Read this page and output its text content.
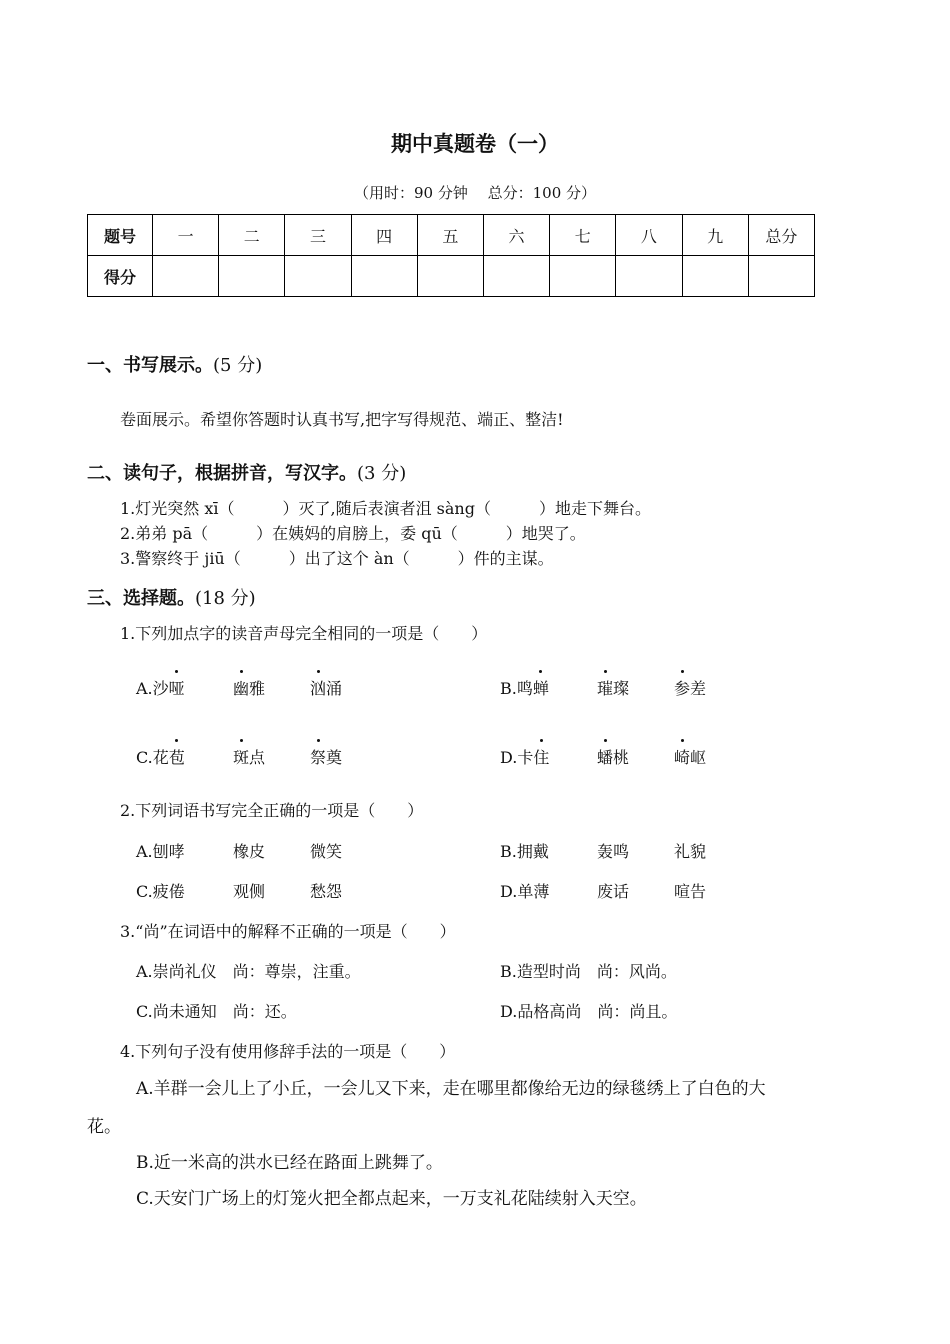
期中真题卷（一）
（用时：90 分钟　 总分：100 分）
题号	一	二	三	四	五	六	七	八	九	总分
得分										
一、书写展示。(5 分)
卷面展示。希望你答题时认真书写,把字写得规范、端正、整洁!
二、读句子，根据拼音，写汉字。(3 分)
1.灯光突然 xī（　　　）灭了,随后表演者沮 sàng（　　　）地走下舞台。
2.弟弟 pā（　　　）在姨妈的肩膀上，委 qū（　　　）地哭了。
3.警察终于 jiū（　　　）出了这个 àn（　　　）件的主谋。
三、选择题。(18 分)
1.下列加点字的读音声母完全相同的一项是（　　）
A.沙哑	幽雅	汹涌	B.鸣蝉	璀璨	参差
C.花苞	斑点	祭奠	D.卡住	蟠桃	崎岖
2.下列词语书写完全正确的一项是（　　）
A.刨哮	橡皮	微笑	B.拥戴	轰鸣	礼貌
C.疲倦	观侧	愁怨	D.单薄	废话	喧告
3.“尚”在词语中的解释不正确的一项是（　　）
A.崇尚礼仪　尚：尊崇，注重。	B.造型时尚　尚：风尚。
C.尚未通知　尚：还。	D.品格高尚　尚：尚且。
4.下列句子没有使用修辞手法的一项是（　　）
A.羊群一会儿上了小丘，一会儿又下来，走在哪里都像给无边的绿毯绣上了白色的大
花。
B.近一米高的洪水已经在路面上跳舞了。
C.天安门广场上的灯笼火把全都点起来，一万支礼花陆续射入天空。
